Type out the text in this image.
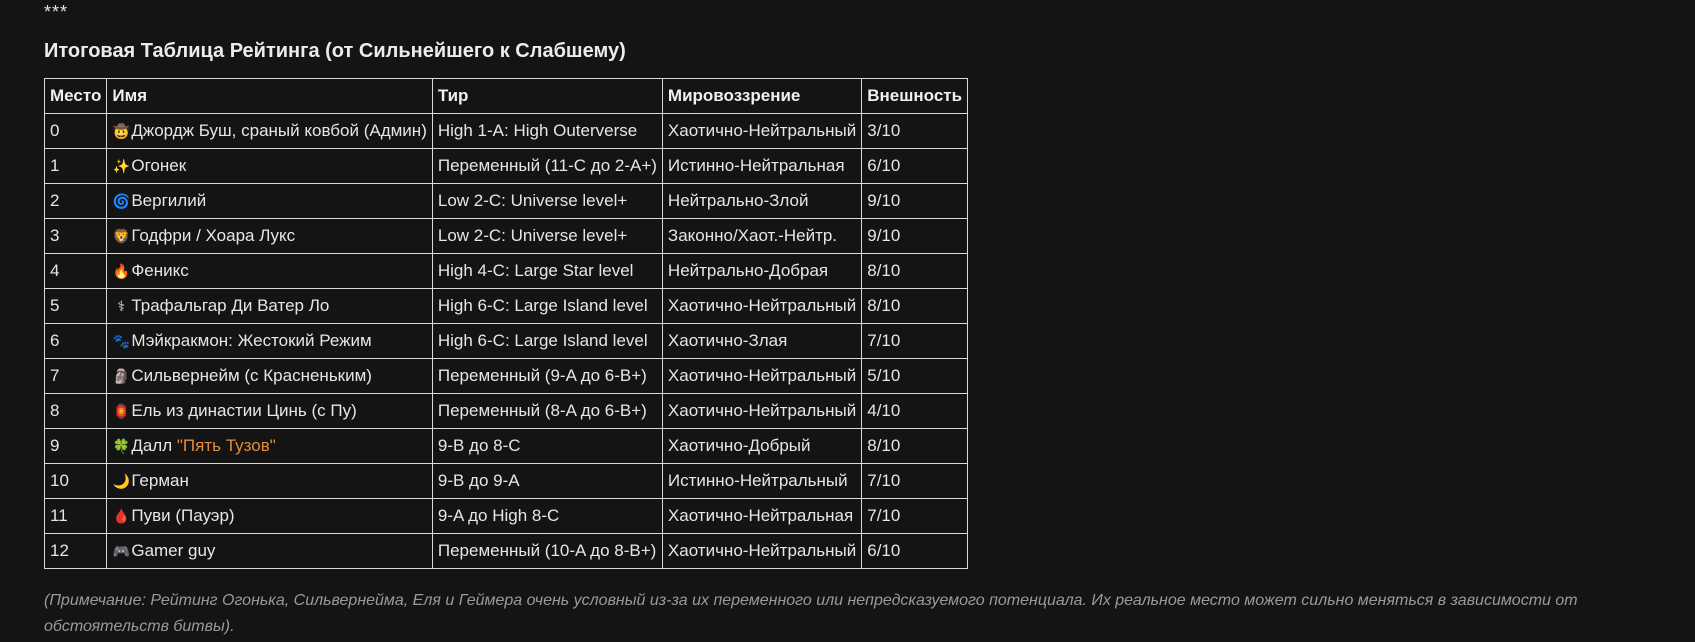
***
Итоговая Таблица Рейтинга (от Сильнейшего к Слабшему)
Место	Имя	Тир	Мировоззрение	Внешность
0	🤠Джордж Буш, сраный ковбой (Админ)	High 1-A: High Outerverse	Хаотично-Нейтральный	3/10
1	✨Огонек	Переменный (11-C до 2-A+)	Истинно-Нейтральная	6/10
2	🌀Вергилий	Low 2-C: Universe level+	Нейтрально-Злой	9/10
3	🦁Годфри / Хоара Лукс	Low 2-C: Universe level+	Законно/Хаот.-Нейтр.	9/10
4	🔥Феникс	High 4-C: Large Star level	Нейтрально-Добрая	8/10
5	⚕ Трафальгар Ди Ватер Ло	High 6-C: Large Island level	Хаотично-Нейтральный	8/10
6	🐾Мэйкракмон: Жестокий Режим	High 6-C: Large Island level	Хаотично-Злая	7/10
7	🗿Сильвернейм (с Красненьким)	Переменный (9-A до 6-B+)	Хаотично-Нейтральный	5/10
8	🏮Ель из династии Цинь (с Пу)	Переменный (8-A до 6-B+)	Хаотично-Нейтральный	4/10
9	🍀Далл "Пять Тузов"	9-B до 8-C	Хаотично-Добрый	8/10
10	🌙Герман	9-B до 9-A	Истинно-Нейтральный	7/10
11	🩸Пуви (Пауэр)	9-A до High 8-C	Хаотично-Нейтральная	7/10
12	🎮Gamer guy	Переменный (10-A до 8-B+)	Хаотично-Нейтральный	6/10

(Примечание: Рейтинг Огонька, Сильвернейма, Еля и Геймера очень условный из-за их переменного или непредсказуемого потенциала. Их реальное место может сильно меняться в зависимости от обстоятельств битвы).
